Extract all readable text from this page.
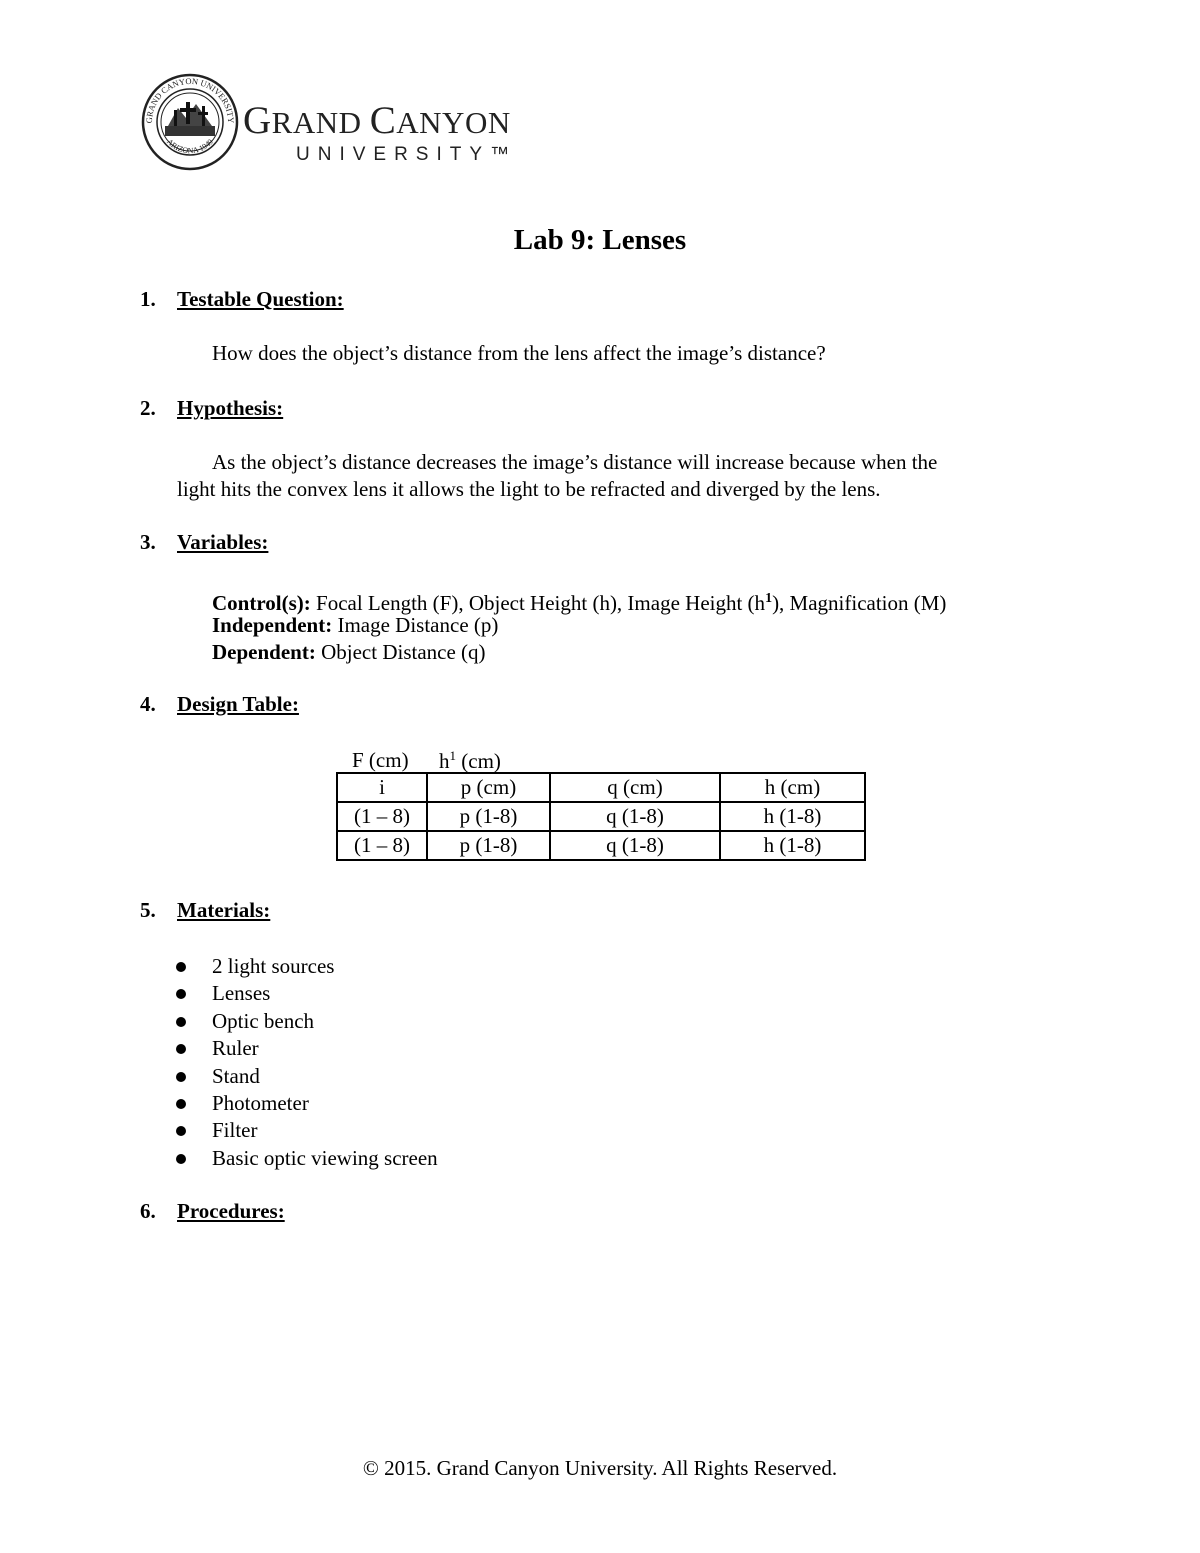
GRAND CANYON UNIVERSITY
ARIZONA 1949 GRAND CANYON
UNIVERSITY™
Lab 9: Lenses
1. Testable Question:
How does the object’s distance from the lens affect the image’s distance?
2. Hypothesis:
As the object’s distance decreases the image’s distance will increase because when the
light hits the convex lens it allows the light to be refracted and diverged by the lens.
3. Variables:
Control(s): Focal Length (F), Object Height (h), Image Height $(h^1)$, Magnification (M)
Independent: Image Distance (p)
Dependent: Object Distance (q)
4. Design Table:
F (cm) $h^1$ (cm)
i	p (cm)	q (cm)	h (cm)
(1 – 8)	p (1-8)	q (1-8)	h (1-8)
(1 – 8)	p (1-8)	q (1-8)	h (1-8)
5. Materials:
2 light sources
Lenses
Optic bench
Ruler
Stand
Photometer
Filter
Basic optic viewing screen
6. Procedures:
© 2015. Grand Canyon University. All Rights Reserved.
